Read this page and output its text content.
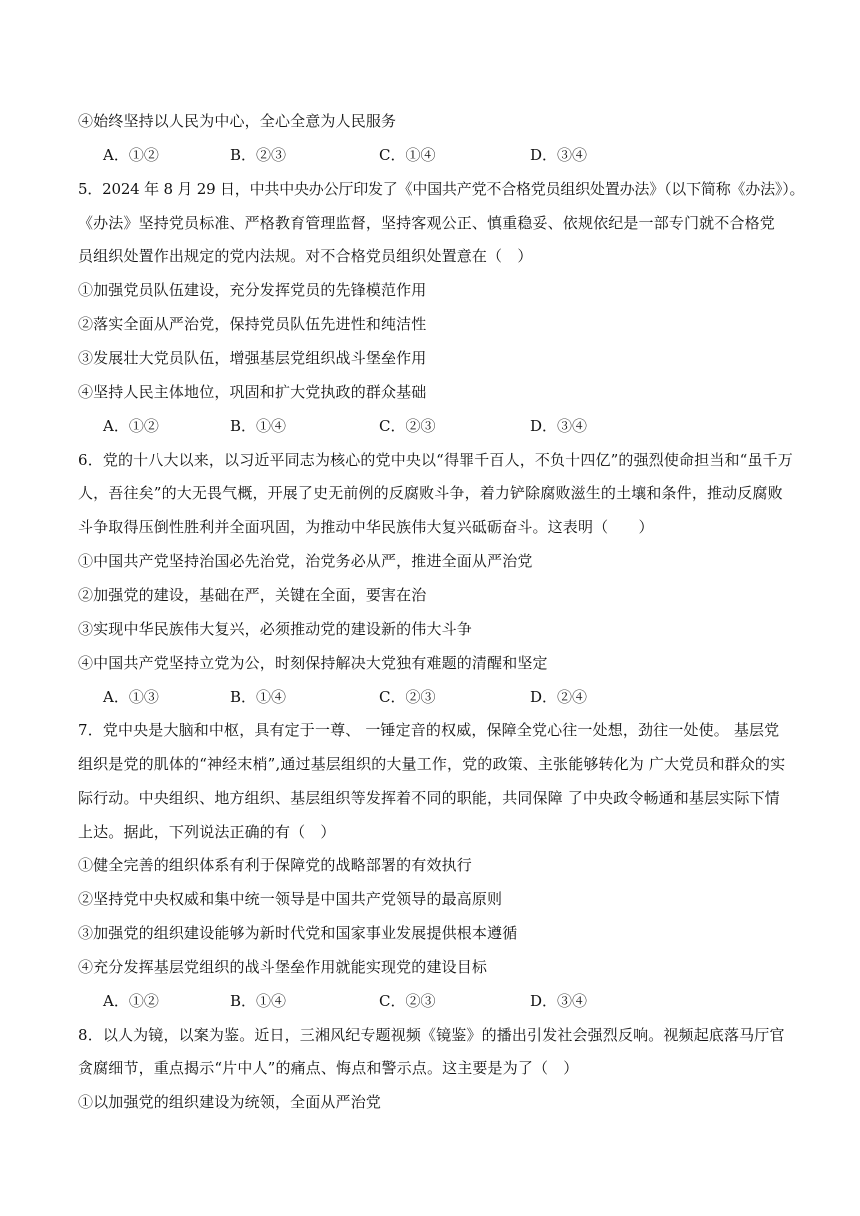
④始终坚持以人民为中心，全心全意为人民服务
A．①②	B．②③	C．①④	D．③④
5．2024 年 8 月 29 日，中共中央办公厅印发了《中国共产党不合格党员组织处置办法》（以下简称《办法》）。
《办法》坚持党员标准、严格教育管理监督，坚持客观公正、慎重稳妥、依规依纪是一部专门就不合格党
员组织处置作出规定的党内法规。对不合格党员组织处置意在（　）
①加强党员队伍建设，充分发挥党员的先锋模范作用
②落实全面从严治党，保持党员队伍先进性和纯洁性
③发展壮大党员队伍，增强基层党组织战斗堡垒作用
④坚持人民主体地位，巩固和扩大党执政的群众基础
A．①②	B．①④	C．②③	D．③④
6．党的十八大以来，以习近平同志为核心的党中央以“得罪千百人，不负十四亿”的强烈使命担当和“虽千万
人，吾往矣”的大无畏气概，开展了史无前例的反腐败斗争，着力铲除腐败滋生的土壤和条件，推动反腐败
斗争取得压倒性胜利并全面巩固，为推动中华民族伟大复兴砥砺奋斗。这表明（　　）
①中国共产党坚持治国必先治党，治党务必从严，推进全面从严治党
②加强党的建设，基础在严，关键在全面，要害在治
③实现中华民族伟大复兴，必须推动党的建设新的伟大斗争
④中国共产党坚持立党为公，时刻保持解决大党独有难题的清醒和坚定
A．①③	B．①④	C．②③	D．②④
7．党中央是大脑和中枢，具有定于一尊、 一锤定音的权威，保障全党心往一处想，劲往一处使。 基层党
组织是党的肌体的“神经末梢”,通过基层组织的大量工作，党的政策、主张能够转化为 广大党员和群众的实
际行动。中央组织、地方组织、基层组织等发挥着不同的职能，共同保障 了中央政令畅通和基层实际下情
上达。据此，下列说法正确的有（　）
①健全完善的组织体系有利于保障党的战略部署的有效执行
②坚持党中央权威和集中统一领导是中国共产党领导的最高原则
③加强党的组织建设能够为新时代党和国家事业发展提供根本遵循
④充分发挥基层党组织的战斗堡垒作用就能实现党的建设目标
A．①②	B．①④	C．②③	D．③④
8．以人为镜，以案为鉴。近日，三湘风纪专题视频《镜鉴》的播出引发社会强烈反响。视频起底落马厅官
贪腐细节，重点揭示“片中人”的痛点、悔点和警示点。这主要是为了（　）
①以加强党的组织建设为统领，全面从严治党
